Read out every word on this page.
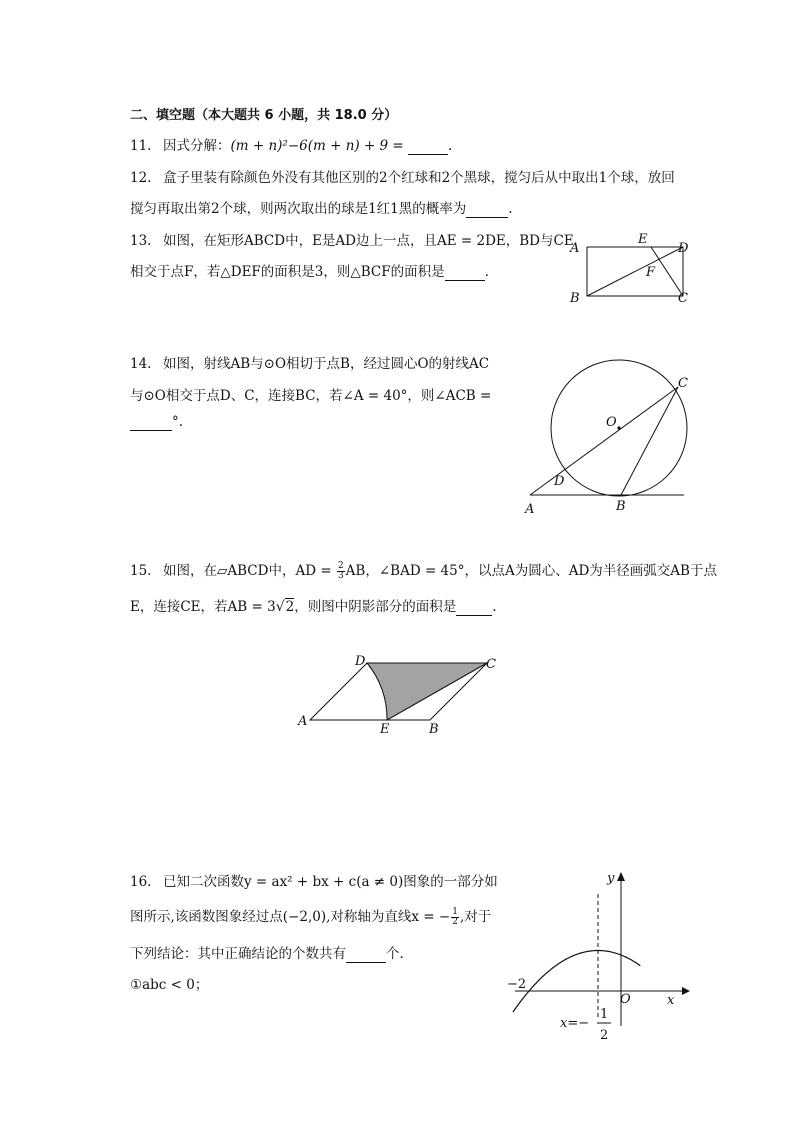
二、填空题（本大题共 6 小题，共 18.0 分）
11. 因式分解：(m + n)²−6(m + n) + 9 =	.
12. 盒子里装有除颜色外没有其他区别的2个红球和2个黑球，搅匀后从中取出1个球，放回
搅匀再取出第2个球，则两次取出的球是1红1黑的概率为	.
13. 如图，在矩形ABCD中，E是AD边上一点，且AE = 2DE，BD与CE
相交于点F，若△DEF的面积是3，则△BCF的面积是	.
A
B	C
D
E
F
14. 如图，射线AB与⊙O相切于点B，经过圆心O的射线AC
与⊙O相交于点D、C，连接BC，若∠A = 40°，则∠ACB =
°.	O
A	B
C
D
15. 如图，在▱ABCD中，AD = $\frac{2}{3}$ AB，∠BAD = 45°，以点A为圆心、AD为半径画弧交AB于点
E，连接CE，若AB = 3√2，则图中阴影部分的面积是	.
A
B
C
D
E
16. 已知二次函数y = ax² + bx + c(a ≠ 0)图象的一部分如
图所示,该函数图象经过点(−2,0),对称轴为直线x = − $\frac{1}{2}$ ,对于
下列结论：其中正确结论的个数共有	个.
①abc < 0；
x
y
O
−2
x=−
1
2
